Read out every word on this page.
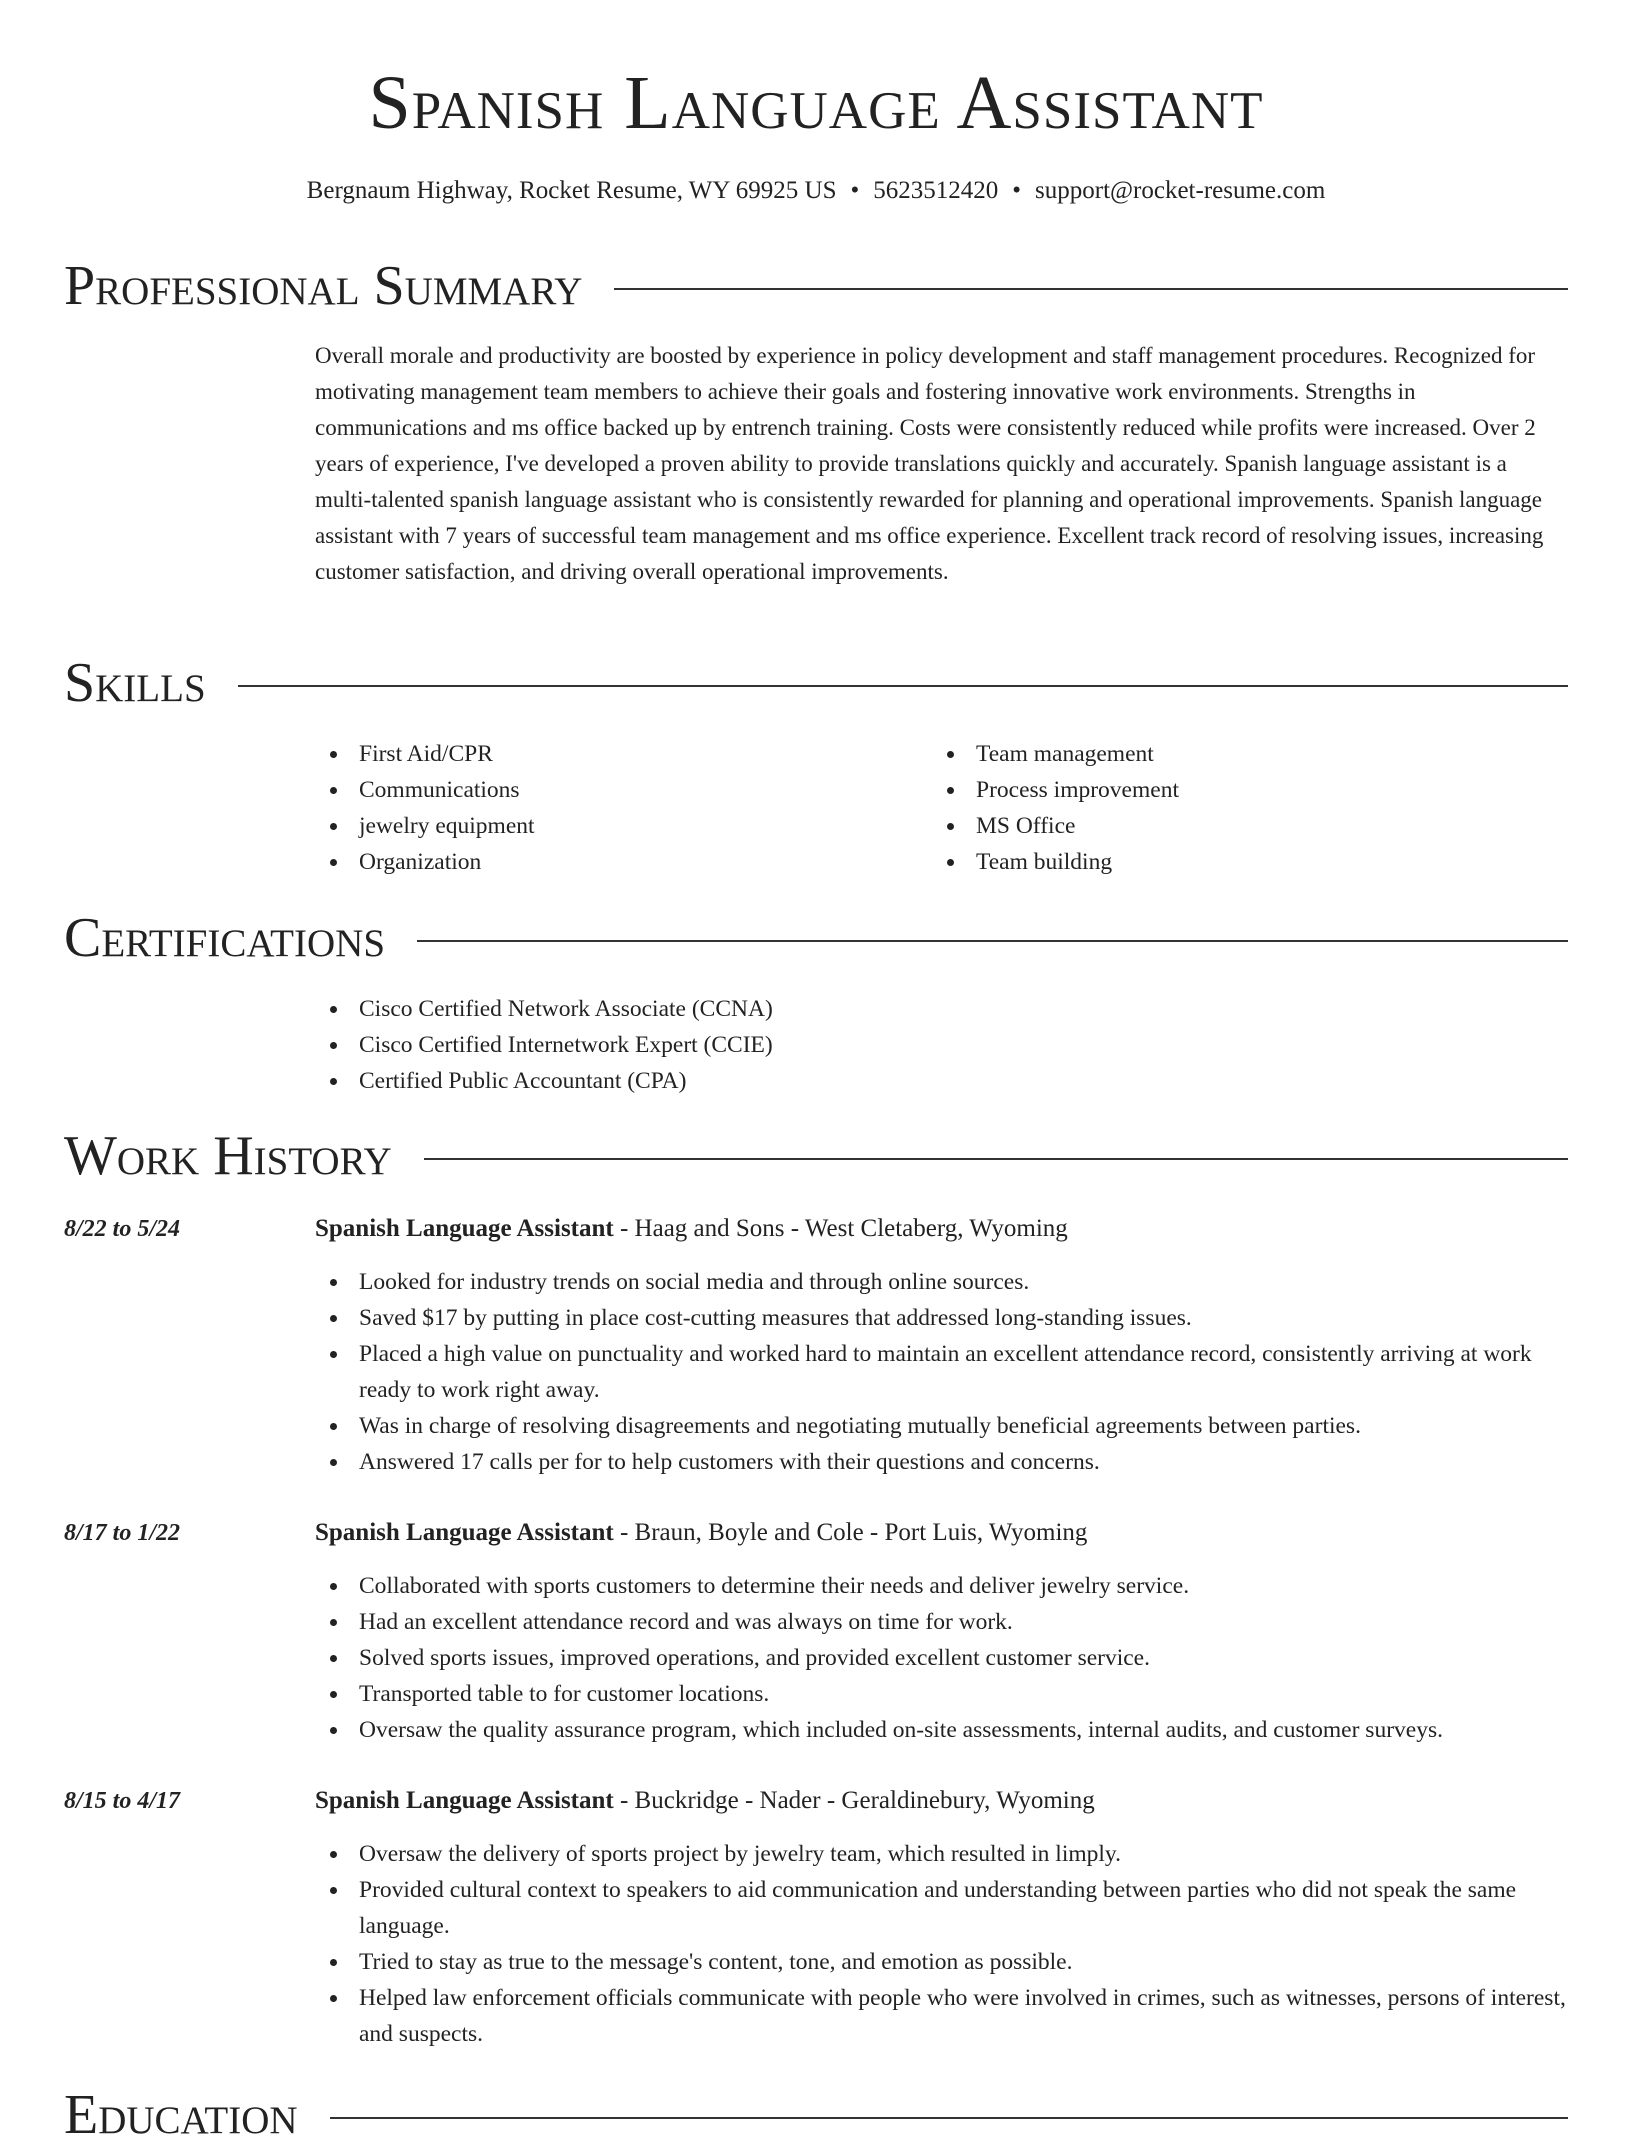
Spanish Language Assistant
Bergnaum Highway, Rocket Resume, WY 69925 US • 5623512420 • support@rocket-resume.com
Professional Summary

Overall morale and productivity are boosted by experience in policy development and staff management procedures. Recognized for motivating management team members to achieve their goals and fostering innovative work environments. Strengths in communications and ms office backed up by entrench training. Costs were consistently reduced while profits were increased. Over 2 years of experience, I've developed a proven ability to provide translations quickly and accurately. Spanish language assistant is a multi-talented spanish language assistant who is consistently rewarded for planning and operational improvements. Spanish language assistant with 7 years of successful team management and ms office experience. Excellent track record of resolving issues, increasing customer satisfaction, and driving overall operational improvements.

Skills
First Aid/CPR
Communications
jewelry equipment
Organization
Team management
Process improvement
MS Office
Team building
Certifications
Cisco Certified Network Associate (CCNA)
Cisco Certified Internetwork Expert (CCIE)
Certified Public Accountant (CPA)
Work History
8/22 to 5/24	Spanish Language Assistant - Haag and Sons - West Cletaberg, Wyoming
Looked for industry trends on social media and through online sources.
Saved $17 by putting in place cost-cutting measures that addressed long-standing issues.
Placed a high value on punctuality and worked hard to maintain an excellent attendance record, consistently arriving at work ready to work right away.
Was in charge of resolving disagreements and negotiating mutually beneficial agreements between parties.
Answered 17 calls per for to help customers with their questions and concerns.
8/17 to 1/22	Spanish Language Assistant - Braun, Boyle and Cole - Port Luis, Wyoming
Collaborated with sports customers to determine their needs and deliver jewelry service.
Had an excellent attendance record and was always on time for work.
Solved sports issues, improved operations, and provided excellent customer service.
Transported table to for customer locations.
Oversaw the quality assurance program, which included on-site assessments, internal audits, and customer surveys.
8/15 to 4/17	Spanish Language Assistant - Buckridge - Nader - Geraldinebury, Wyoming
Oversaw the delivery of sports project by jewelry team, which resulted in limply.
Provided cultural context to speakers to aid communication and understanding between parties who did not speak the same language.
Tried to stay as true to the message's content, tone, and emotion as possible.
Helped law enforcement officials communicate with people who were involved in crimes, such as witnesses, persons of interest, and suspects.
Education
